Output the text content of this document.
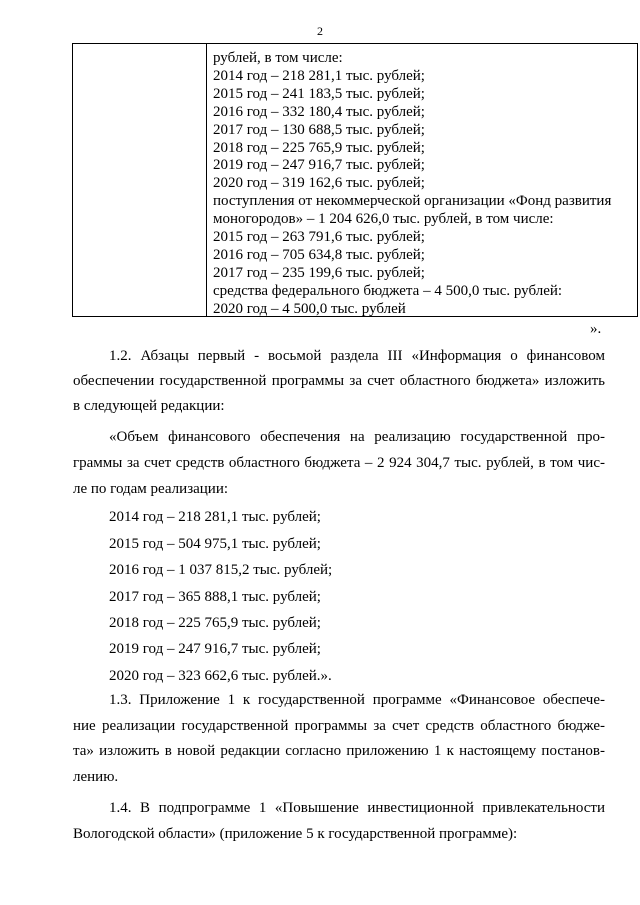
2
рублей, в том числе:
2014 год – 218 281,1 тыс. рублей;
2015 год – 241 183,5 тыс. рублей;
2016 год – 332 180,4 тыс. рублей;
2017 год – 130 688,5 тыс. рублей;
2018 год – 225 765,9 тыс. рублей;
2019 год – 247 916,7 тыс. рублей;
2020 год – 319 162,6 тыс. рублей;
поступления от некоммерческой организации «Фонд развития
моногородов» – 1 204 626,0 тыс. рублей, в том числе:
2015 год – 263 791,6 тыс. рублей;
2016 год – 705 634,8 тыс. рублей;
2017 год – 235 199,6 тыс. рублей;
средства федерального бюджета – 4 500,0 тыс. рублей:
2020 год – 4 500,0 тыс. рублей
».
1.2. Абзацы первый - восьмой раздела III «Информация о финансовом
обеспечении государственной программы за счет областного бюджета» изложить
в следующей редакции:
«Объем финансового обеспечения на реализацию государственной про-
граммы за счет средств областного бюджета – 2 924 304,7 тыс. рублей, в том чис-
ле по годам реализации:
2014 год – 218 281,1 тыс. рублей;
2015 год – 504 975,1 тыс. рублей;
2016 год – 1 037 815,2 тыс. рублей;
2017 год – 365 888,1 тыс. рублей;
2018 год – 225 765,9 тыс. рублей;
2019 год – 247 916,7 тыс. рублей;
2020 год – 323 662,6 тыс. рублей.».
1.3. Приложение 1 к государственной программе «Финансовое обеспече-
ние реализации государственной программы за счет средств областного бюдже-
та» изложить в новой редакции согласно приложению 1 к настоящему постанов-
лению.
1.4. В подпрограмме 1 «Повышение инвестиционной привлекательности
Вологодской области» (приложение 5 к государственной программе):
